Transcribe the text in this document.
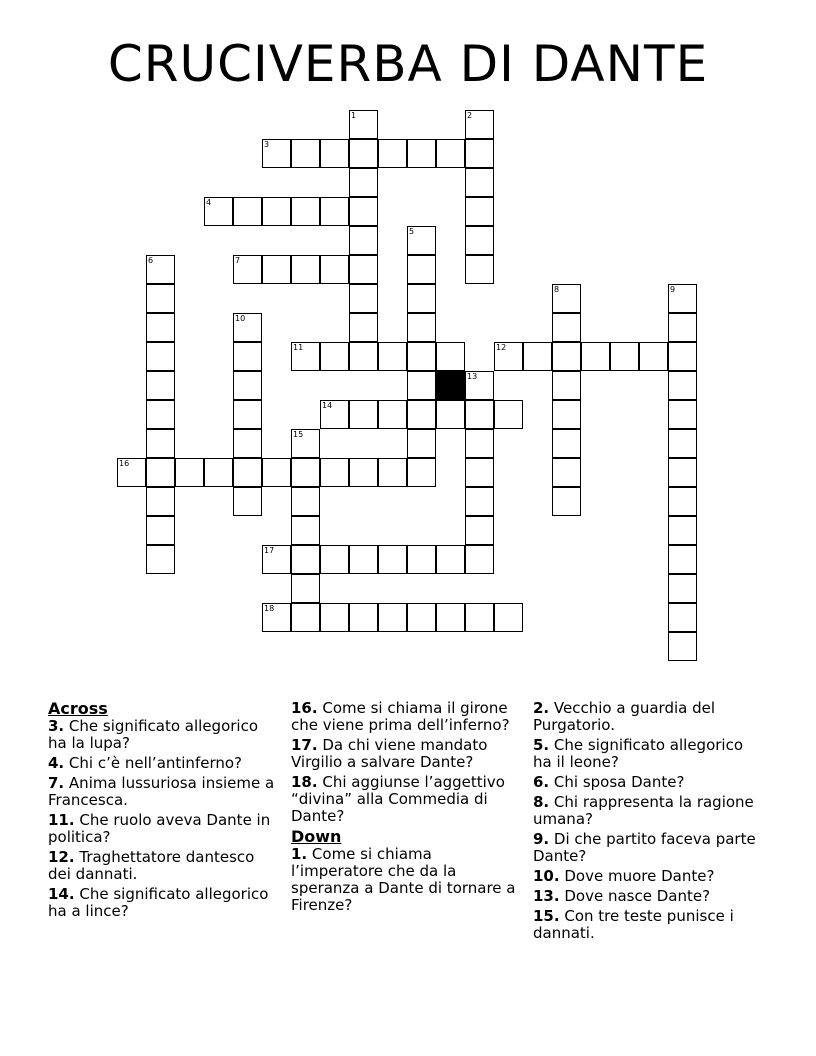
CRUCIVERBA DI DANTE
3
4
7
11	12
14
16
17
18
1	2
5
6
8	9
10
13
15
Across
3. Che significato allegorico ha la lupa?
4. Chi c’è nell’antinferno?
7. Anima lussuriosa insieme a Francesca.
11. Che ruolo aveva Dante in politica?
12. Traghettatore dantesco dei dannati.
14. Che significato allegorico ha a lince?
16. Come si chiama il girone che viene prima dell’inferno?
17. Da chi viene mandato Virgilio a salvare Dante?
18. Chi aggiunse l’aggettivo “divina” alla Commedia di Dante?
Down
1. Come si chiama l’imperatore che da la speranza a Dante di tornare a Firenze?
2. Vecchio a guardia del Purgatorio.
5. Che significato allegorico ha il leone?
6. Chi sposa Dante?
8. Chi rappresenta la ragione umana?
9. Di che partito faceva parte Dante?
10. Dove muore Dante?
13. Dove nasce Dante?
15. Con tre teste punisce i dannati.
